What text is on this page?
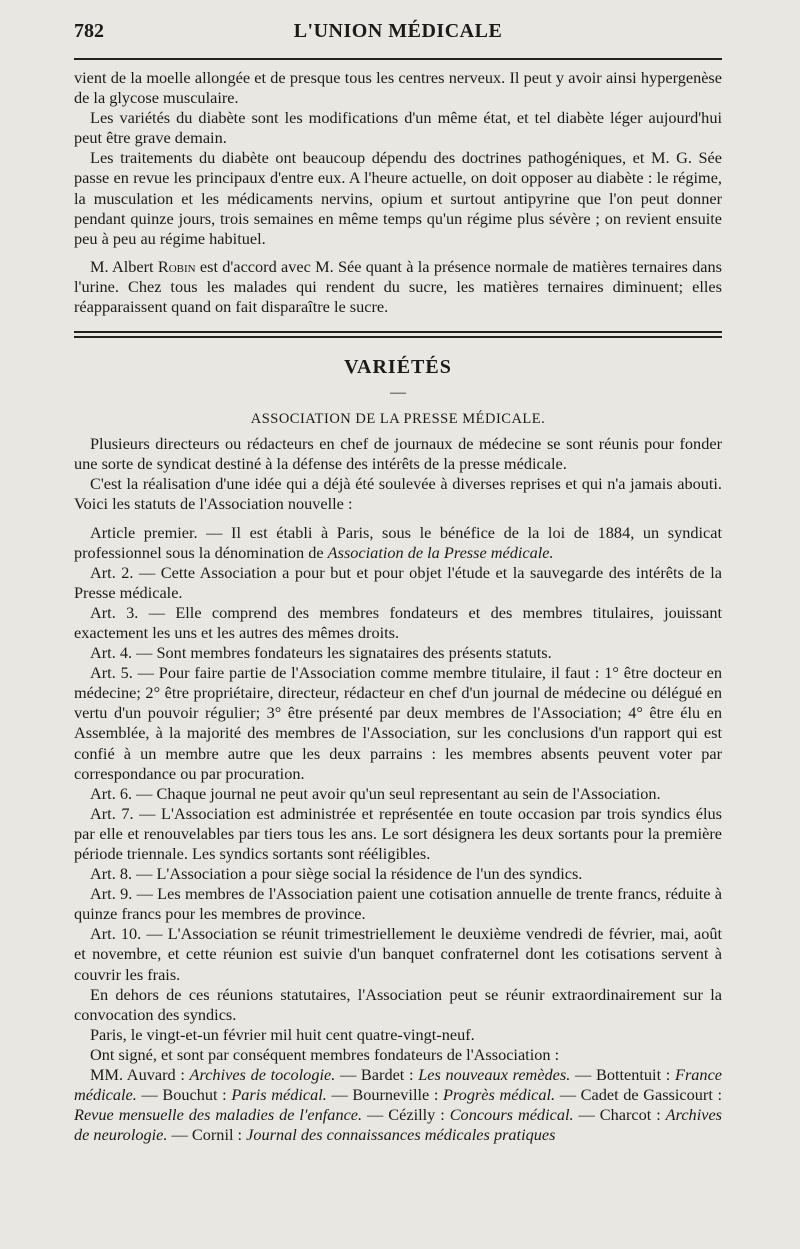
782	L'UNION MÉDICALE

vient de la moelle allongée et de presque tous les centres nerveux. Il peut y avoir ainsi hypergenèse de la glycose musculaire.

Les variétés du diabète sont les modifications d'un même état, et tel diabète léger aujourd'hui peut être grave demain.

Les traitements du diabète ont beaucoup dépendu des doctrines pathogéniques, et M. G. Sée passe en revue les principaux d'entre eux. A l'heure actuelle, on doit opposer au diabète : le régime, la musculation et les médicaments nervins, opium et surtout antipyrine que l'on peut donner pendant quinze jours, trois semaines en même temps qu'un régime plus sévère ; on revient ensuite peu à peu au régime habituel.

M. Albert Robin est d'accord avec M. Sée quant à la présence normale de matières ternaires dans l'urine. Chez tous les malades qui rendent du sucre, les matières ternaires diminuent; elles réapparaissent quand on fait disparaître le sucre.

VARIÉTÉS
—
ASSOCIATION DE LA PRESSE MÉDICALE.

Plusieurs directeurs ou rédacteurs en chef de journaux de médecine se sont réunis pour fonder une sorte de syndicat destiné à la défense des intérêts de la presse médicale.

C'est la réalisation d'une idée qui a déjà été soulevée à diverses reprises et qui n'a jamais abouti. Voici les statuts de l'Association nouvelle :

Article premier. — Il est établi à Paris, sous le bénéfice de la loi de 1884, un syndicat professionnel sous la dénomination de Association de la Presse médicale.

Art. 2. — Cette Association a pour but et pour objet l'étude et la sauvegarde des intérêts de la Presse médicale.

Art. 3. — Elle comprend des membres fondateurs et des membres titulaires, jouissant exactement les uns et les autres des mêmes droits.

Art. 4. — Sont membres fondateurs les signataires des présents statuts.

Art. 5. — Pour faire partie de l'Association comme membre titulaire, il faut : 1° être docteur en médecine; 2° être propriétaire, directeur, rédacteur en chef d'un journal de médecine ou délégué en vertu d'un pouvoir régulier; 3° être présenté par deux membres de l'Association; 4° être élu en Assemblée, à la majorité des membres de l'Association, sur les conclusions d'un rapport qui est confié à un membre autre que les deux parrains : les membres absents peuvent voter par correspondance ou par procuration.

Art. 6. — Chaque journal ne peut avoir qu'un seul representant au sein de l'Association.

Art. 7. — L'Association est administrée et représentée en toute occasion par trois syndics élus par elle et renouvelables par tiers tous les ans. Le sort désignera les deux sortants pour la première période triennale. Les syndics sortants sont rééligibles.

Art. 8. — L'Association a pour siège social la résidence de l'un des syndics.

Art. 9. — Les membres de l'Association paient une cotisation annuelle de trente francs, réduite à quinze francs pour les membres de province.

Art. 10. — L'Association se réunit trimestriellement le deuxième vendredi de février, mai, août et novembre, et cette réunion est suivie d'un banquet confraternel dont les cotisations servent à couvrir les frais.

En dehors de ces réunions statutaires, l'Association peut se réunir extraordinairement sur la convocation des syndics.

Paris, le vingt-et-un février mil huit cent quatre-vingt-neuf.

Ont signé, et sont par conséquent membres fondateurs de l'Association :

MM. Auvard : Archives de tocologie. — Bardet : Les nouveaux remèdes. — Bottentuit : France médicale. — Bouchut : Paris médical. — Bourneville : Progrès médical. — Cadet de Gassicourt : Revue mensuelle des maladies de l'enfance. — Cézilly : Concours médical. — Charcot : Archives de neurologie. — Cornil : Journal des connaissances médicales pratiques
